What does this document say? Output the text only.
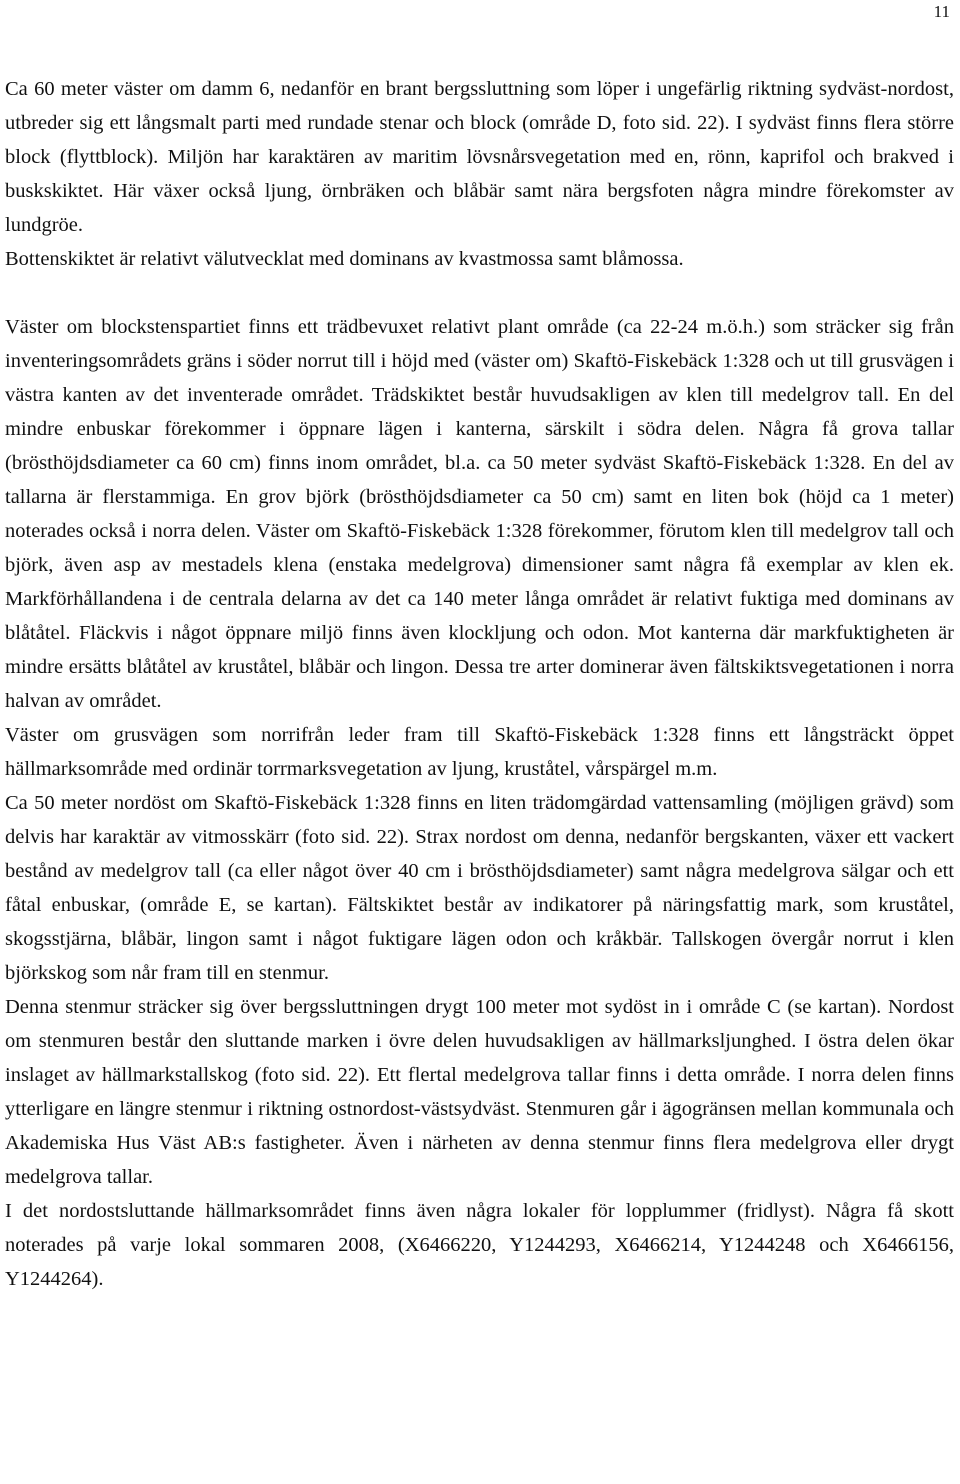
11

Ca 60 meter väster om damm 6, nedanför en brant bergssluttning som löper i ungefärlig riktning sydväst-nordost, utbreder sig ett långsmalt parti med rundade stenar och block (område D, foto sid. 22). I sydväst finns flera större block (flyttblock). Miljön har karaktären av maritim lövsnårsvegetation med en, rönn, kaprifol och brakved i buskskiktet. Här växer också ljung, örnbräken och blåbär samt nära bergsfoten några mindre förekomster av lundgröe.

Bottenskiktet är relativt välutvecklat med dominans av kvastmossa samt blåmossa.

Väster om blockstenspartiet finns ett trädbevuxet relativt plant område (ca 22-24 m.ö.h.) som sträcker sig från inventeringsområdets gräns i söder norrut till i höjd med (väster om) Skaftö-Fiskebäck 1:328 och ut till grusvägen i västra kanten av det inventerade området. Trädskiktet består huvudsakligen av klen till medelgrov tall. En del mindre enbuskar förekommer i öppnare lägen i kanterna, särskilt i södra delen. Några få grova tallar (brösthöjdsdiameter ca 60 cm) finns inom området, bl.a. ca 50 meter sydväst Skaftö-Fiskebäck 1:328. En del av tallarna är flerstammiga. En grov björk (brösthöjdsdiameter ca 50 cm) samt en liten bok (höjd ca 1 meter) noterades också i norra delen. Väster om Skaftö-Fiskebäck 1:328 förekommer, förutom klen till medelgrov tall och björk, även asp av mestadels klena (enstaka medelgrova) dimensioner samt några få exemplar av klen ek. Markförhållandena i de centrala delarna av det ca 140 meter långa området är relativt fuktiga med dominans av blåtåtel. Fläckvis i något öppnare miljö finns även klockljung och odon. Mot kanterna där markfuktigheten är mindre ersätts blåtåtel av kruståtel, blåbär och lingon. Dessa tre arter dominerar även fältskiktsvegetationen i norra halvan av området.

Väster om grusvägen som norrifrån leder fram till Skaftö-Fiskebäck 1:328 finns ett långsträckt öppet hällmarksområde med ordinär torrmarksvegetation av ljung, kruståtel, vårspärgel m.m.

Ca 50 meter nordöst om Skaftö-Fiskebäck 1:328 finns en liten trädomgärdad vattensamling (möjligen grävd) som delvis har karaktär av vitmosskärr (foto sid. 22). Strax nordost om denna, nedanför bergskanten, växer ett vackert bestånd av medelgrov tall (ca eller något över 40 cm i brösthöjdsdiameter) samt några medelgrova sälgar och ett fåtal enbuskar, (område E, se kartan). Fältskiktet består av indikatorer på näringsfattig mark, som kruståtel, skogsstjärna, blåbär, lingon samt i något fuktigare lägen odon och kråkbär. Tallskogen övergår norrut i klen björkskog som når fram till en stenmur.

Denna stenmur sträcker sig över bergssluttningen drygt 100 meter mot sydöst in i område C (se kartan). Nordost om stenmuren består den sluttande marken i övre delen huvudsakligen av hällmarksljunghed. I östra delen ökar inslaget av hällmarkstallskog (foto sid. 22). Ett flertal medelgrova tallar finns i detta område. I norra delen finns ytterligare en längre stenmur i riktning ostnordost-västsydväst. Stenmuren går i ägogränsen mellan kommunala och Akademiska Hus Väst AB:s fastigheter. Även i närheten av denna stenmur finns flera medelgrova eller drygt medelgrova tallar.

I det nordostsluttande hällmarksområdet finns även några lokaler för lopplummer (fridlyst). Några få skott noterades på varje lokal sommaren 2008, (X6466220, Y1244293, X6466214, Y1244248 och X6466156, Y1244264).
